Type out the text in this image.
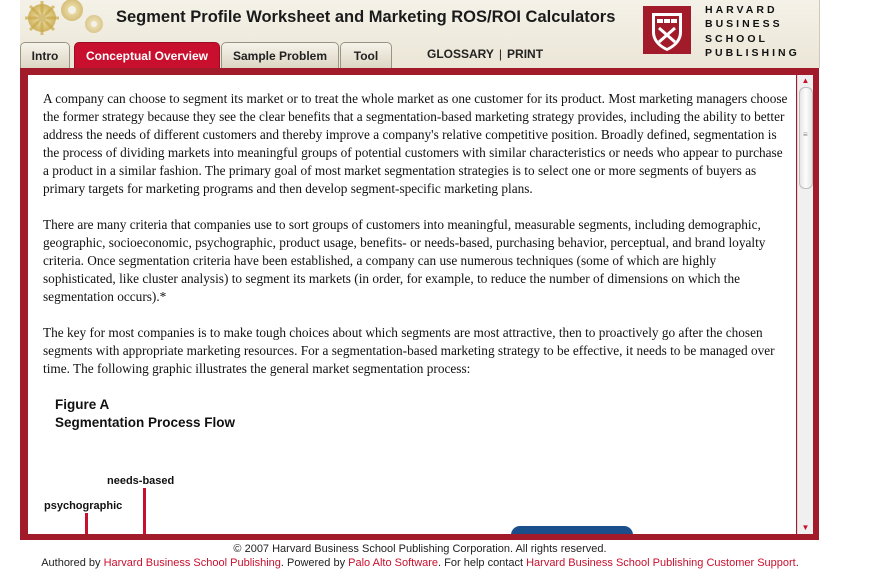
Segment Profile Worksheet and Marketing ROS/ROI Calculators	HARVARD
BUSINESS
SCHOOL
PUBLISHING
Intro	Conceptual Overview	Sample Problem	Tool	GLOSSARY | PRINT

A company can choose to segment its market or to treat the whole market as one customer for its product. Most marketing managers choose the former strategy because they see the clear benefits that a segmentation-based marketing strategy provides, including the ability to better address the needs of different customers and thereby improve a company's relative competitive position. Broadly defined, segmentation is the process of dividing markets into meaningful groups of potential customers with similar characteristics or needs who appear to purchase a product in a similar fashion. The primary goal of most market segmentation strategies is to select one or more segments of buyers as primary targets for marketing programs and then develop segment-specific marketing plans.

There are many criteria that companies use to sort groups of customers into meaningful, measurable segments, including demographic, geographic, socioeconomic, psychographic, product usage, benefits- or needs-based, purchasing behavior, perceptual, and brand loyalty criteria. Once segmentation criteria have been established, a company can use numerous techniques (some of which are highly sophisticated, like cluster analysis) to segment its markets (in order, for example, to reduce the number of dimensions on which the segmentation occurs).*

The key for most companies is to make tough choices about which segments are most attractive, then to proactively go after the chosen segments with appropriate marketing resources. For a segmentation-based marketing strategy to be effective, it needs to be managed over time. The following graphic illustrates the general market segmentation process:

Figure A
Segmentation Process Flow
needs-based
psychographic
▲
≡
▼
© 2007 Harvard Business School Publishing Corporation. All rights reserved.
Authored by Harvard Business School Publishing. Powered by Palo Alto Software. For help contact Harvard Business School Publishing Customer Support.
